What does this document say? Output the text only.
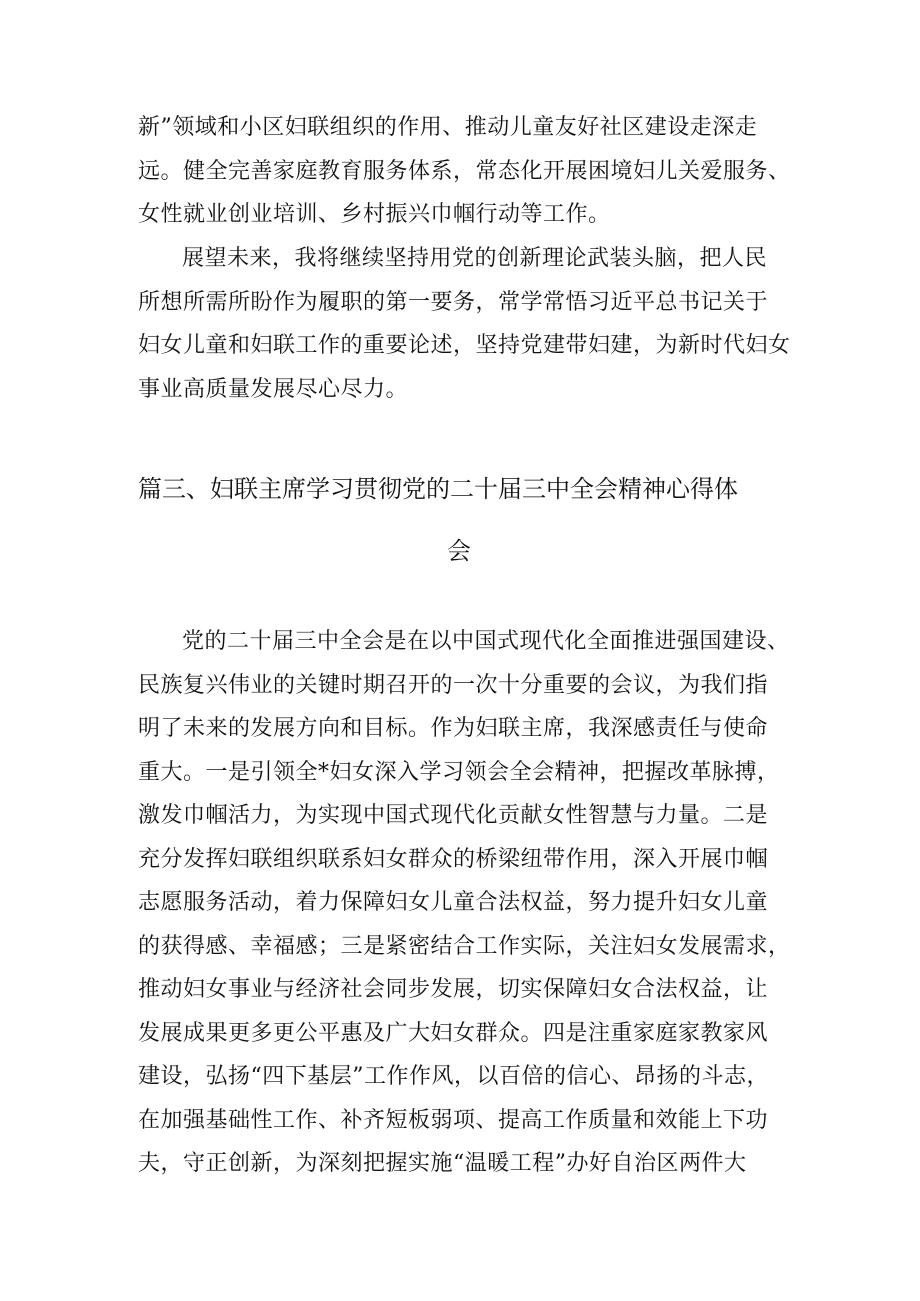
新”领域和小区妇联组织的作用、推动儿童友好社区建设走深走
远。健全完善家庭教育服务体系，常态化开展困境妇儿关爱服务、
女性就业创业培训、乡村振兴巾帼行动等工作。
展望未来，我将继续坚持用党的创新理论武装头脑，把人民
所想所需所盼作为履职的第一要务，常学常悟习近平总书记关于
妇女儿童和妇联工作的重要论述，坚持党建带妇建，为新时代妇女
事业高质量发展尽心尽力。
篇三、妇联主席学习贯彻党的二十届三中全会精神心得体
会
党的二十届三中全会是在以中国式现代化全面推进强国建设、
民族复兴伟业的关键时期召开的一次十分重要的会议，为我们指
明了未来的发展方向和目标。作为妇联主席，我深感责任与使命
重大。一是引领全*妇女深入学习领会全会精神，把握改革脉搏，
激发巾帼活力，为实现中国式现代化贡献女性智慧与力量。二是
充分发挥妇联组织联系妇女群众的桥梁纽带作用，深入开展巾帼
志愿服务活动，着力保障妇女儿童合法权益，努力提升妇女儿童
的获得感、幸福感；三是紧密结合工作实际，关注妇女发展需求，
推动妇女事业与经济社会同步发展，切实保障妇女合法权益，让
发展成果更多更公平惠及广大妇女群众。四是注重家庭家教家风
建设，弘扬“四下基层”工作作风，以百倍的信心、昂扬的斗志，
在加强基础性工作、补齐短板弱项、提高工作质量和效能上下功
夫，守正创新，为深刻把握实施“温暖工程”办好自治区两件大
